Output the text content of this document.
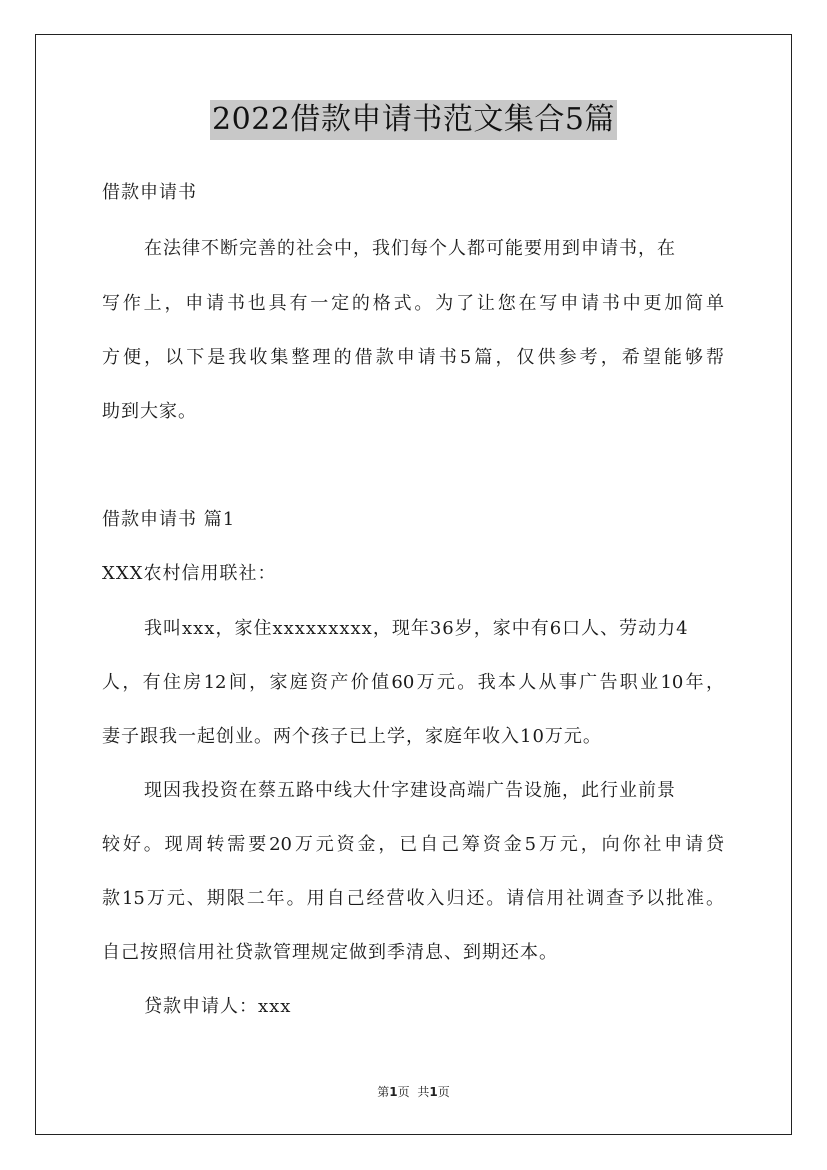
2022借款申请书范文集合5篇
借款申请书
在法律不断完善的社会中，我们每个人都可能要用到申请书，在
写作上，申请书也具有一定的格式。为了让您在写申请书中更加简单
方便，以下是我收集整理的借款申请书5篇，仅供参考，希望能够帮
助到大家。
借款申请书 篇1
XXX农村信用联社：
我叫xxx，家住xxxxxxxxx，现年36岁，家中有6口人、劳动力4
人，有住房12间，家庭资产价值60万元。我本人从事广告职业10年，
妻子跟我一起创业。两个孩子已上学，家庭年收入10万元。
现因我投资在蔡五路中线大什字建设高端广告设施，此行业前景
较好。现周转需要20万元资金，已自己筹资金5万元，向你社申请贷
款15万元、期限二年。用自己经营收入归还。请信用社调查予以批准。
自己按照信用社贷款管理规定做到季清息、到期还本。
贷款申请人：xxx
第1页 共1页
